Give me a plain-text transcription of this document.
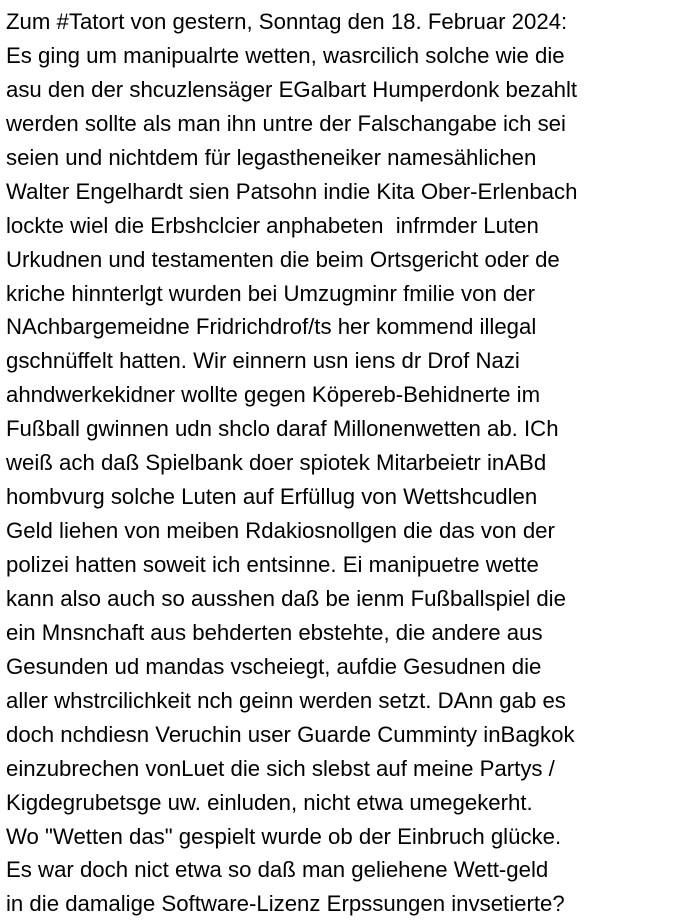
Zum #Tatort von gestern, Sonntag den 18. Februar 2024:
Es ging um manipualrte wetten, wasrcilich solche wie die
asu den der shcuzlensäger EGalbart Humperdonk bezahlt
werden sollte als man ihn untre der Falschangabe ich sei
seien und nichtdem für legastheneiker namesählichen
Walter Engelhardt sien Patsohn indie Kita Ober-Erlenbach
lockte wiel die Erbshclcier anphabeten  infrmder Luten
Urkudnen und testamenten die beim Ortsgericht oder de
kriche hinnterlgt wurden bei Umzugminr fmilie von der
NAchbargemeidne Fridrichdrof/ts her kommend illegal
gschnüffelt hatten. Wir einnern usn iens dr Drof Nazi
ahndwerkekidner wollte gegen Köpereb-Behidnerte im
Fußball gwinnen udn shclo daraf Millonenwetten ab. ICh
weiß ach daß Spielbank doer spiotek Mitarbeietr inABd
hombvurg solche Luten auf Erfüllug von Wettshcudlen
Geld liehen von meiben Rdakiosnollgen die das von der
polizei hatten soweit ich entsinne. Ei manipuetre wette
kann also auch so ausshen daß be ienm Fußballspiel die
ein Mnsnchaft aus behderten ebstehte, die andere aus
Gesunden ud mandas vscheiegt, aufdie Gesudnen die
aller whstrcilichkeit nch geinn werden setzt. DAnn gab es
doch nchdiesn Veruchin user Guarde Cumminty inBagkok
einzubrechen vonLuet die sich slebst auf meine Partys /
Kigdegrubetsge uw. einluden, nicht etwa umegekerht.
Wo "Wetten das" gespielt wurde ob der Einbruch glücke.
Es war doch nict etwa so daß man geliehene Wett-geld
in die damalige Software-Lizenz Erpssungen invsetierte?
